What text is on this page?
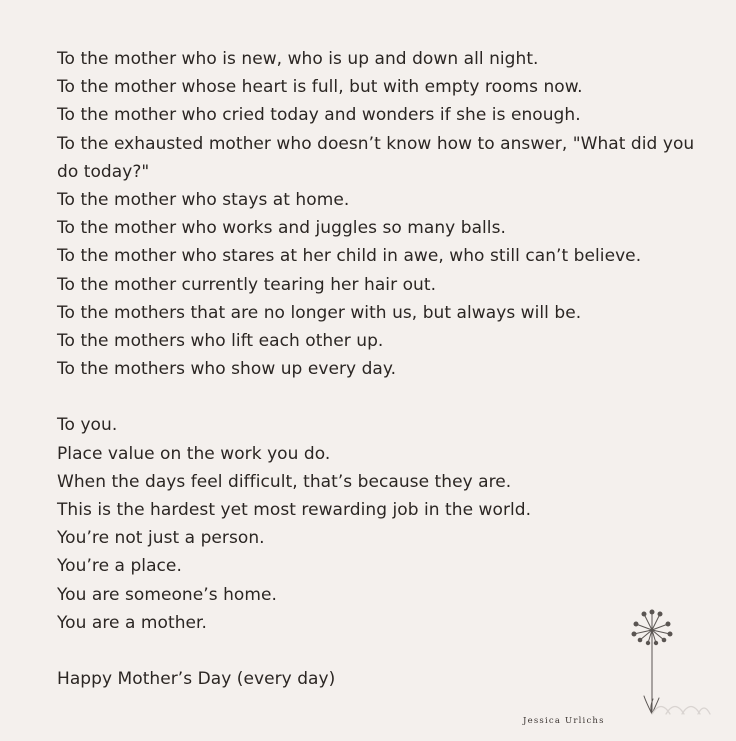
To the mother who is new, who is up and down all night.
To the mother whose heart is full, but with empty rooms now.
To the mother who cried today and wonders if she is enough.
To the exhausted mother who doesn’t know how to answer, "What did you
do today?"
To the mother who stays at home.
To the mother who works and juggles so many balls.
To the mother who stares at her child in awe, who still can’t believe.
To the mother currently tearing her hair out.
To the mothers that are no longer with us, but always will be.
To the mothers who lift each other up.
To the mothers who show up every day.
To you.
Place value on the work you do.
When the days feel difficult, that’s because they are.
This is the hardest yet most rewarding job in the world.
You’re not just a person.
You’re a place.
You are someone’s home.
You are a mother.
Happy Mother’s Day (every day)
Jessica Urlichs
